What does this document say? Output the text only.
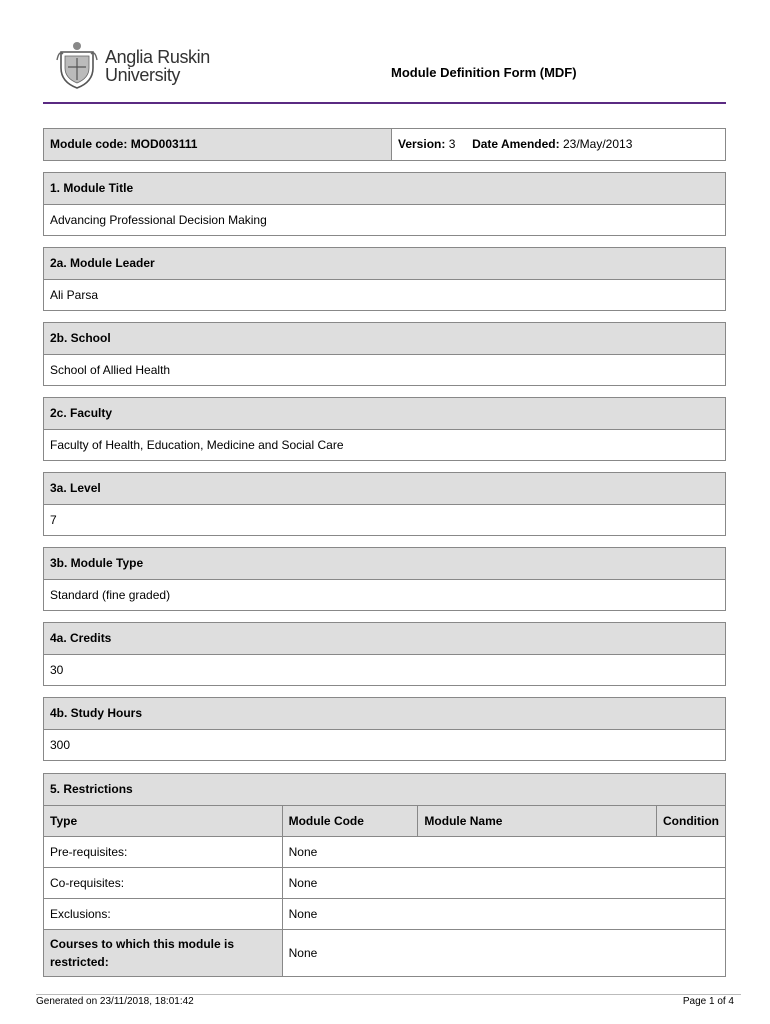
Anglia Ruskin
University	Module Definition Form (MDF)
Module code: MOD003111	Version: 3 Date Amended: 23/May/2013
1. Module Title
Advancing Professional Decision Making
2a. Module Leader
Ali Parsa
2b. School
School of Allied Health
2c. Faculty
Faculty of Health, Education, Medicine and Social Care
3a. Level
7
3b. Module Type
Standard (fine graded)
4a. Credits
30
4b. Study Hours
300
5. Restrictions
Type	Module Code	Module Name	Condition
Pre-requisites:	None		
Co-requisites:	None		
Exclusions:	None		
Courses to which this module is restricted:	None		
Generated on 23/11/2018, 18:01:42	Page 1 of 4
